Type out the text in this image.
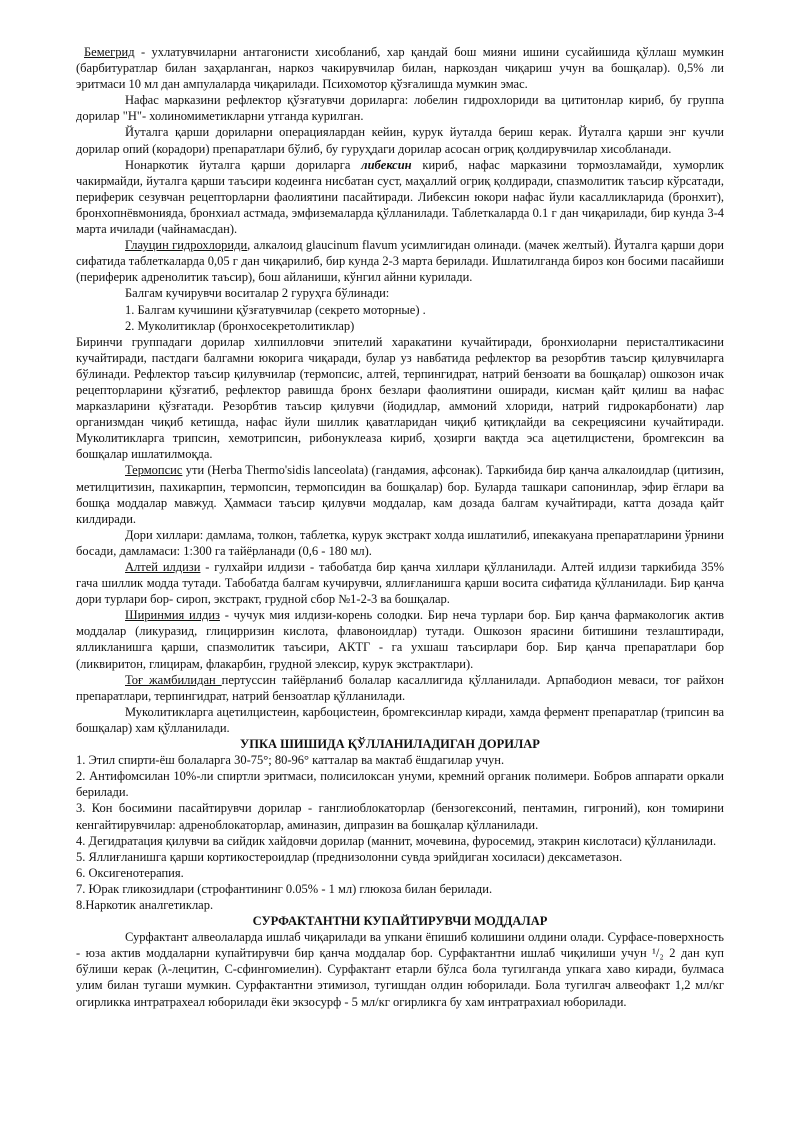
Бемегрид - ухлатувчиларни антагонисти хисобланиб, хар қандай бош мияни ишини сусайишида қўллаш мумкин (барбитуратлар билан заҳарланган, наркоз чакирувчилар билан, наркоздан чиқариш учун ва бошқалар). 0,5% ли эритмаси 10 мл дан ампулаларда чиқарилади. Психомотор қўзғалишда мумкин эмас.

Нафас марказини рефлектор қўзғатувчи дориларга: лобелин гидрохлориди ва цититонлар кириб, бу группа дорилар "Н"- холиномиметикларни утганда курилган.

Йуталга қарши дориларни операциялардан кейин, курук йуталда бериш керак. Йуталга қарши энг кучли дорилар опий (корадори) препаратлари бўлиб, бу гуруҳдаги дорилар асосан огриқ қолдирувчилар хисобланади.

Нонаркотик йуталга қарши дориларга либексин кириб, нафас марказини тормозламайди, хуморлик чакирмайди, йуталга қарши таъсири кодеинга нисбатан суст, маҳаллий огриқ қолдиради, спазмолитик таъсир кўрсатади, периферик сезувчан рецепторларни фаолиятини пасайтиради. Либексин юкори нафас йули касалликларида (бронхит), бронхопнёвмонияда, бронхиал астмада, эмфиземаларда қўлланилади. Таблеткаларда 0.1 г дан чиқарилади, бир кунда 3-4 марта ичилади (чайнамасдан).

Глауцин гидрохлориди, алкалоид glaucinum flavum усимлигидан олинади. (мачек желтый). Йуталга қарши дори сифатида таблеткаларда 0,05 г дан чиқарилиб, бир кунда 2-3 марта берилади. Ишлатилганда бироз кон босими пасайиши (периферик адренолитик таъсир), бош айланиши, кўнгил айнни курилади.

Балгам кучирувчи воситалар 2 гуруҳга бўлинади:

1. Балгам кучишини қўзғатувчилар (секрето моторные) .

2. Муколитиклар (бронхосекретолитиклар)

Биринчи группадаги дорилар хилпилловчи эпителий харакатини кучайтиради, бронхиоларни перисталтикасини кучайтиради, пастдаги балгамни юкорига чиқаради, булар уз навбатида рефлектор ва резорбтив таъсир қилувчиларга бўлинади. Рефлектор таъсир қилувчилар (термопсис, алтей, терпингидрат, натрий бензоати ва бошқалар) ошкозон ичак рецепторларини қўзғатиб, рефлектор равишда бронх безлари фаолиятини оширади, кисман қайт қилиш ва нафас марказларини қўзғатади. Резорбтив таъсир қилувчи (йодидлар, аммоний хлориди, натрий гидрокарбонати) лар организмдан чиқиб кетишда, нафас йули шиллик қаватларидан чиқиб қитиқлайди ва секрециясини кучайтиради. Муколитикларга трипсин, хемотрипсин, рибонуклеаза кириб, ҳозирги вақтда эса ацетилцистени, бромгексин ва бошқалар ишлатилмоқда.

Термопсис ути (Herba Thermo'sidis lanceolata) (гандамия, афсонак). Таркибида бир қанча алкалоидлар (цитизин, метилцитизин, пахикарпин, термопсин, термопсидин ва бошқалар) бор. Буларда ташкари сапонинлар, эфир ёглари ва бошқа моддалар мавжуд. Ҳаммаси таъсир қилувчи моддалар, кам дозада балгам кучайтиради, катта дозада қайт килдиради.

Дори хиллари: дамлама, толкон, таблетка, курук экстракт холда ишлатилиб, ипекакуана препаратларини ўрнини босади, дамламаси: 1:300 га тайёрланади (0,6 - 180 мл).

Алтей илдизи - гулхайри илдизи - табобатда бир қанча хиллари қўлланилади. Алтей илдизи таркибида 35% гача шиллик модда тутади. Табобатда балгам кучирувчи, яллиғланишга қарши восита сифатида қўлланилади. Бир қанча дори турлари бор- сироп, экстракт, грудной сбор №1-2-3 ва бошқалар.

Ширинмия илдиз - чучук мия илдизи-корень солодки. Бир неча турлари бор. Бир қанча фармакологик актив моддалар (ликуразид, глицирризин кислота, флавоноидлар) тутади. Ошкозон ярасини битишини тезлаштиради, ялликланишга қарши, спазмолитик таъсири, АКТГ - га ухшаш таъсирлари бор. Бир қанча препаратлари бор (ликвиритон, глицирам, флакарбин, грудной элексир, курук экстрактлари).

Тоғ жамбилидан пертуссин тайёрланиб болалар касаллигида қўлланилади. Арпабодион меваси, тоғ райхон препаратлари, терпингидрат, натрий бензоатлар қўлланилади.

Муколитикларга ацетилцистеин, карбоцистеин, бромгексинлар киради, хамда фермент препаратлар (трипсин ва бошқалар) хам қўлланилади.

УПКА ШИШИДА ҚЎЛЛАНИЛАДИГАН ДОРИЛАР

1. Этил спирти-ёш болаларга 30-75°; 80-96° катталар ва мактаб ёшдагилар учун.

2. Антифомсилан 10%-ли спиртли эритмаси, полисилоксан унуми, кремний органик полимери. Бобров аппарати оркали берилади.

3. Кон босимини пасайтирувчи дорилар - ганглиоблокаторлар (бензогексоний, пентамин, гигроний), кон томирини кенгайтирувчилар: адреноблокаторлар, аминазин, дипразин ва бошқалар қўлланилади.

4. Дегидратация қилувчи ва сийдик хайдовчи дорилар (маннит, мочевина, фуросемид, этакрин кислотаси) қўлланилади.

5. Яллиғланишга қарши кортикостероидлар (преднизолонни сувда эрийдиган хосиласи) дексаметазон.

6. Оксигенотерапия.

7. Юрак гликозидлари (строфантининг 0.05% - 1 мл) глюкоза билан берилади.

8.Наркотик аналгетиклар.

СУРФАКТАНТНИ КУПАЙТИРУВЧИ МОДДАЛАР

Сурфактант алвеолаларда ишлаб чиқарилади ва упкани ёпишиб колишини олдини олади. Сурфасе-поверхность - юза актив моддаларни купайтирувчи бир қанча моддалар бор. Сурфактантни ишлаб чиқилиши учун ¹/₂ 2 дан куп бўлиши керак (λ-лецитин, С-сфингомиелин). Сурфактант етарли бўлса бола тугилганда упкага хаво киради, булмаса улим билан тугаши мумкин. Сурфактантни этимизол, тугишдан олдин юборилади. Бола тугилгач алвеофакт 1,2 мл/кг огирликка интратрахеал юборилади ёки экзосурф - 5 мл/кг огирликга бу хам интратрахиал юборилади.
